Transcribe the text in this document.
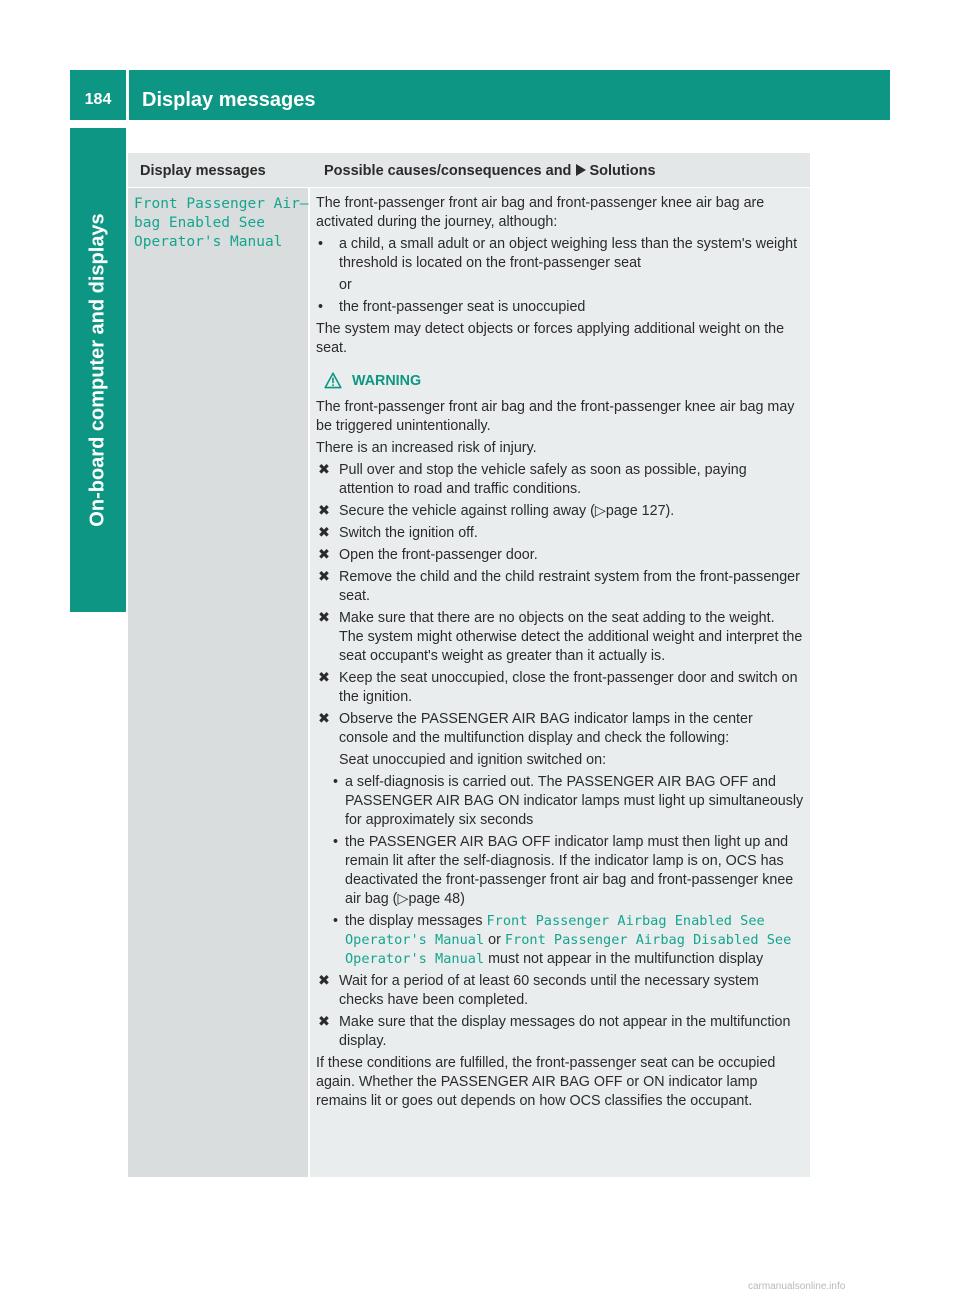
184	Display messages
On-board computer and displays
Display messages	Possible causes/consequences and Solutions
Front Passenger Air–
bag Enabled See
Operator's Manual

The front-passenger front air bag and front-passenger knee air bag are activated during the journey, although:

• a child, a small adult or an object weighing less than the system's weight threshold is located on the front-passenger seat
or
• the front-passenger seat is unoccupied

The system may detect objects or forces applying additional weight on the seat.

WARNING

The front-passenger front air bag and the front-passenger knee air bag may be triggered unintentionally.

There is an increased risk of injury.

✖ Pull over and stop the vehicle safely as soon as possible, paying attention to road and traffic conditions.
✖ Secure the vehicle against rolling away (▷page 127).
✖ Switch the ignition off.
✖ Open the front-passenger door.
✖ Remove the child and the child restraint system from the front-passenger seat.
✖ Make sure that there are no objects on the seat adding to the weight.
The system might otherwise detect the additional weight and interpret the seat occupant's weight as greater than it actually is.
✖ Keep the seat unoccupied, close the front-passenger door and switch on the ignition.
✖ Observe the PASSENGER AIR BAG indicator lamps in the center console and the multifunction display and check the following:
Seat unoccupied and ignition switched on:
• a self-diagnosis is carried out. The PASSENGER AIR BAG OFF and PASSENGER AIR BAG ON indicator lamps must light up simultaneously for approximately six seconds
• the PASSENGER AIR BAG OFF indicator lamp must then light up and remain lit after the self-diagnosis. If the indicator lamp is on, OCS has deactivated the front-passenger front air bag and front-passenger knee air bag (▷page 48)
• the display messages Front Passenger Airbag Enabled See Operator's Manual or Front Passenger Airbag Disabled See Operator's Manual must not appear in the multifunction display
✖ Wait for a period of at least 60 seconds until the necessary system checks have been completed.
✖ Make sure that the display messages do not appear in the multifunction display.

If these conditions are fulfilled, the front-passenger seat can be occupied again. Whether the PASSENGER AIR BAG OFF or ON indicator lamp remains lit or goes out depends on how OCS classifies the occupant.

carmanualsonline.info
